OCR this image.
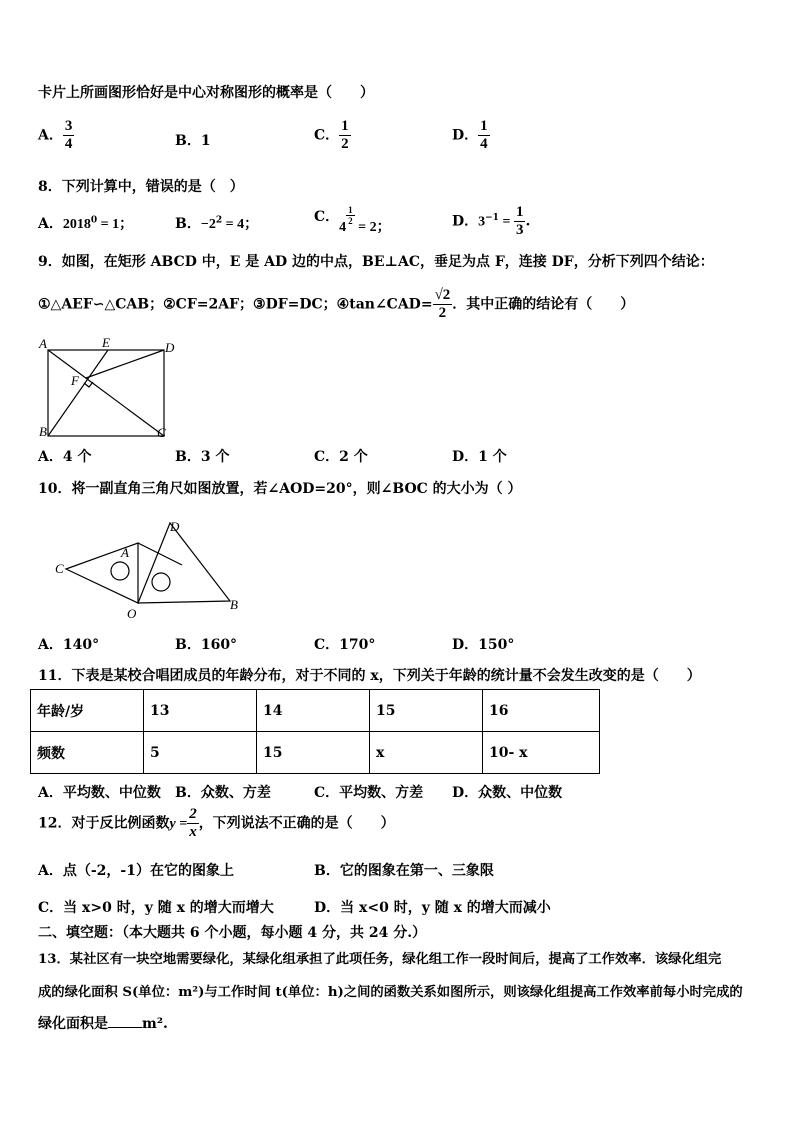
卡片上所画图形恰好是中心对称图形的概率是（　　）
A． $\frac{3}{4}$	B．1	C． $\frac{1}{2}$	D． $\frac{1}{4}$
8．下列计算中，错误的是（　）
A．$2018^0 = 1$；	B．$-2^2 = 4$；	C．4
$\frac{1}{2}$
= 2；	D．$3^{-1} = \frac{1}{3}$ .
9．如图，在矩形 ABCD 中，E 是 AD 边的中点，BE⊥AC，垂足为点 F，连接 DF，分析下列四个结论：
①△AEF∽△CAB；②CF=2AF；③DF=DC；④tan∠CAD= $\frac{√2}{2}$ ．其中正确的结论有（　　）
A	E	D
F
B	C
A．4 个	B．3 个	C．2 个	D．1 个
10．将一副直角三角尺如图放置，若∠AOD=20°，则∠BOC 的大小为（ ）
C
A
D
O
B
A．140°	B．160°	C．170°	D．150°
11．下表是某校合唱团成员的年龄分布，对于不同的 x，下列关于年龄的统计量不会发生改变的是（　　）
年龄/岁	13	14	15	16
频数	5	15	x	10- x
A．平均数、中位数 B．众数、方差	C．平均数、方差 D．众数、中位数
12．对于反比例函数$y = \frac{2}{x}$ ，下列说法不正确的是（　　）
A．点（-2，-1）在它的图象上	B．它的图象在第一、三象限
C．当 x>0 时，y 随 x 的增大而增大	D．当 x<0 时，y 随 x 的增大而减小
二、填空题：（本大题共 6 个小题，每小题 4 分，共 24 分.）
13．某社区有一块空地需要绿化，某绿化组承担了此项任务，绿化组工作一段时间后，提高了工作效率．该绿化组完
成的绿化面积 S(单位：m²)与工作时间 t(单位：h)之间的函数关系如图所示，则该绿化组提高工作效率前每小时完成的
绿化面积是 m².
